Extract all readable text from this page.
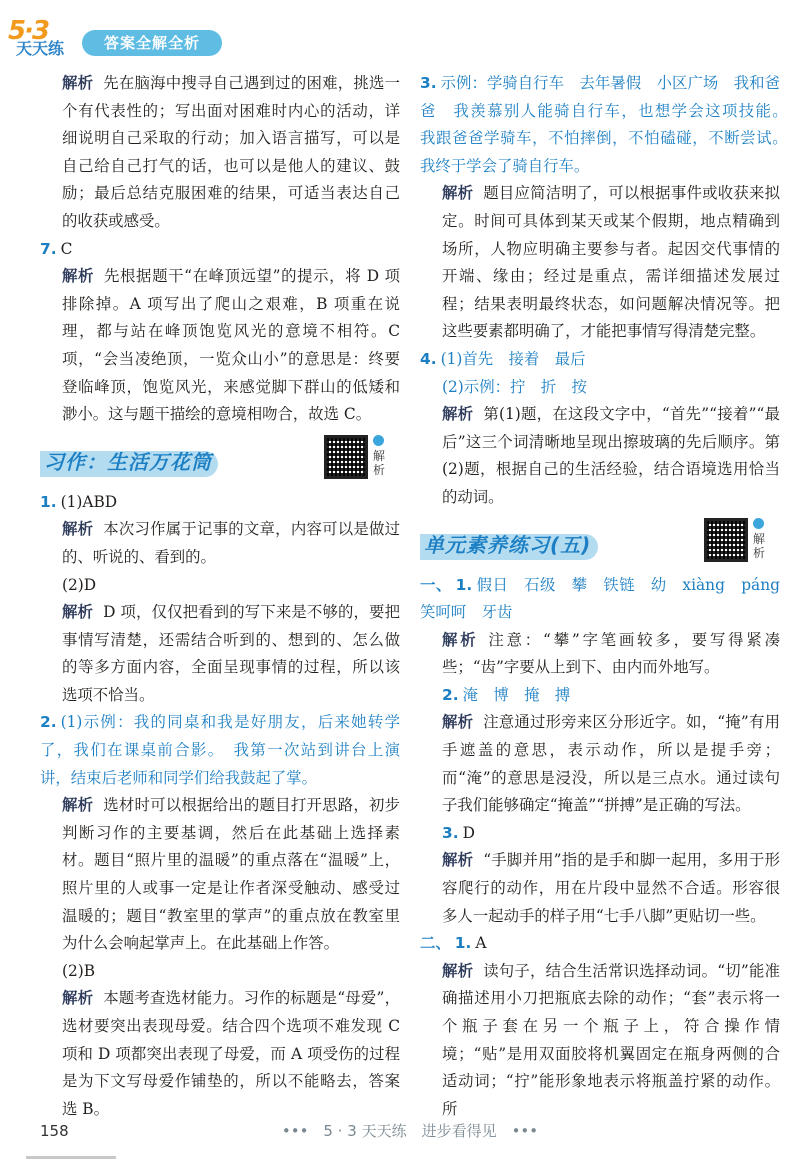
5·3
天天练	答案全解全析

解析 先在脑海中搜寻自己遇到过的困难，挑选一个有代表性的；写出面对困难时内心的活动，详细说明自己采取的行动；加入语言描写，可以是自己给自己打气的话，也可以是他人的建议、鼓励；最后总结克服困难的结果，可适当表达自己的收获或感受。

7. C

解析 先根据题干“在峰顶远望”的提示，将 D 项排除掉。A 项写出了爬山之艰难，B 项重在说理，都与站在峰顶饱览风光的意境不相符。C 项，“会当凌绝顶，一览众山小”的意思是：终要登临峰顶，饱览风光，来感觉脚下群山的低矮和渺小。这与题干描绘的意境相吻合，故选 C。

习作：生活万花筒	解析

1. (1)ABD

解析 本次习作属于记事的文章，内容可以是做过的、听说的、看到的。

(2)D

解析 D 项，仅仅把看到的写下来是不够的，要把事情写清楚，还需结合听到的、想到的、怎么做的等多方面内容，全面呈现事情的过程，所以该选项不恰当。

2. (1)示例：我的同桌和我是好朋友，后来她转学了，我们在课桌前合影。　我第一次站到讲台上演讲，结束后老师和同学们给我鼓起了掌。

解析 选材时可以根据给出的题目打开思路，初步判断习作的主要基调，然后在此基础上选择素材。题目“照片里的温暖”的重点落在“温暖”上，照片里的人或事一定是让作者深受触动、感受过温暖的；题目“教室里的掌声”的重点放在教室里为什么会响起掌声上。在此基础上作答。

(2)B

解析 本题考查选材能力。习作的标题是“母爱”，选材要突出表现母爱。结合四个选项不难发现 C 项和 D 项都突出表现了母爱，而 A 项受伤的过程是为下文写母爱作铺垫的，所以不能略去，答案选 B。

3. 示例：学骑自行车　去年暑假　小区广场　我和爸爸　我羡慕别人能骑自行车，也想学会这项技能。　我跟爸爸学骑车，不怕摔倒，不怕磕碰，不断尝试。　我终于学会了骑自行车。

解析 题目应简洁明了，可以根据事件或收获来拟定。时间可具体到某天或某个假期，地点精确到场所，人物应明确主要参与者。起因交代事情的开端、缘由；经过是重点，需详细描述发展过程；结果表明最终状态，如问题解决情况等。把这些要素都明确了，才能把事情写得清楚完整。

4. (1)首先　接着　最后

(2)示例：拧　折　按

解析 第(1)题，在这段文字中，“首先”“接着”“最后”这三个词清晰地呈现出擦玻璃的先后顺序。第(2)题，根据自己的生活经验，结合语境选用恰当的动词。

单元素养练习(五)	解析

一、 1. 假日　石级　攀　铁链　幼　xiàng　páng　笑呵呵　牙齿

解析 注意：“攀”字笔画较多，要写得紧凑些；“齿”字要从上到下、由内而外地写。

2. 淹　博　掩　搏

解析 注意通过形旁来区分形近字。如，“掩”有用手遮盖的意思，表示动作，所以是提手旁；而“淹”的意思是浸没，所以是三点水。通过读句子我们能够确定“掩盖”“拼搏”是正确的写法。

3. D

解析 “手脚并用”指的是手和脚一起用，多用于形容爬行的动作，用在片段中显然不合适。形容很多人一起动手的样子用“七手八脚”更贴切一些。

二、 1. A

解析 读句子，结合生活常识选择动词。“切”能准确描述用小刀把瓶底去除的动作；“套”表示将一个瓶子套在另一个瓶子上，符合操作情境；“贴”是用双面胶将机翼固定在瓶身两侧的合适动词；“拧”能形象地表示将瓶盖拧紧的动作。所

158	•••　5 · 3 天天练　进步看得见　•••
